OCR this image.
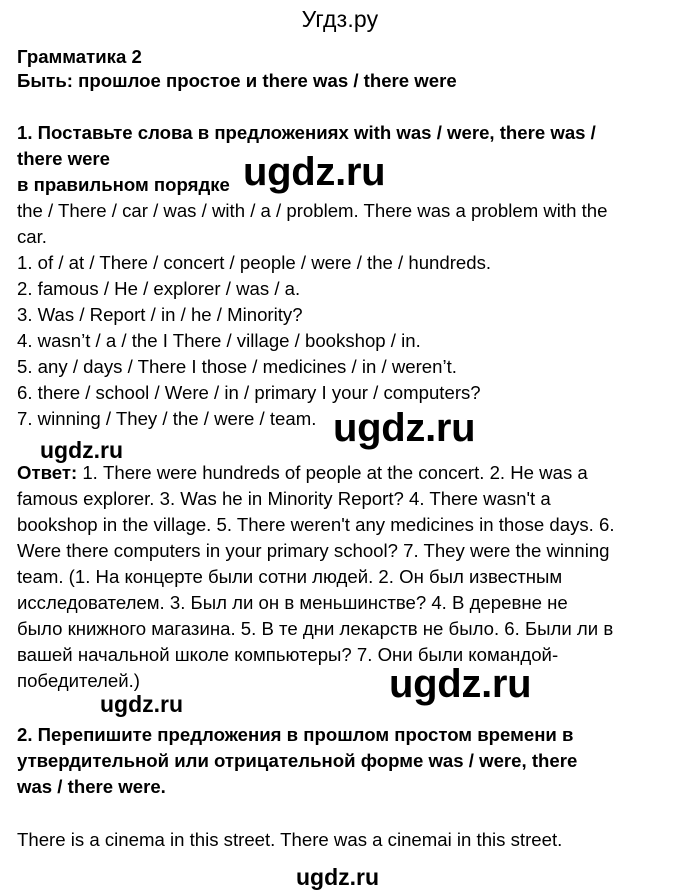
Угдз.ру
Грамматика 2
Быть: прошлое простое и there was / there were
1. Поставьте слова в предложениях with was / were, there was /
there were
в правильном порядке
the / There / car / was / with / a / problem. There was a problem with the
car.
1. of / at / There / concert / people / were / the / hundreds.
2. famous / He / explorer / was / a.
3. Was / Report / in / he / Minority?
4. wasn’t / a / the I There / village / bookshop / in.
5. any / days / There I those / medicines / in / weren’t.
6. there / school / Were / in / primary I your / computers?
7. winning / They / the / were / team.
Ответ: 1. There were hundreds of people at the concert. 2. He was a
famous explorer. 3. Was he in Minority Report? 4. There wasn't a
bookshop in the village. 5. There weren't any medicines in those days. 6.
Were there computers in your primary school? 7. They were the winning
team. (1. На концерте были сотни людей. 2. Он был известным
исследователем. 3. Был ли он в меньшинстве? 4. В деревне не
было книжного магазина. 5. В те дни лекарств не было. 6. Были ли в
вашей начальной школе компьютеры? 7. Они были командой-
победителей.)
2. Перепишите предложения в прошлом простом времени в
утвердительной или отрицательной форме was / were, there
was / there were.
There is a cinema in this street. There was a cinemai in this street.
ugdz.ru
ugdz.ru
ugdz.ru
ugdz.ru
ugdz.ru
ugdz.ru
